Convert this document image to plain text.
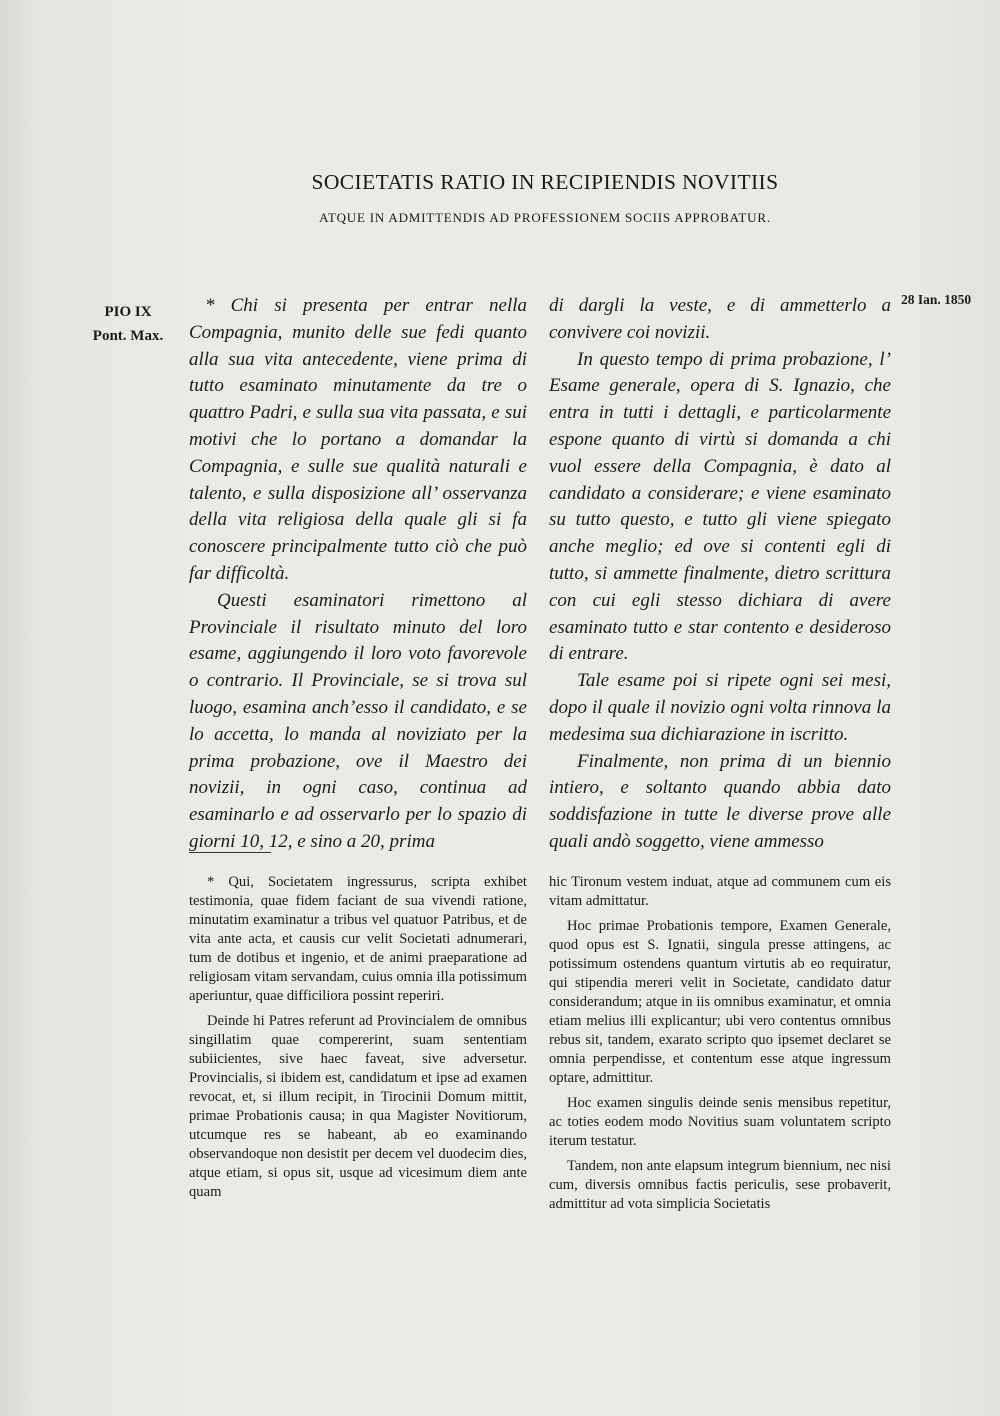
SOCIETATIS RATIO IN RECIPIENDIS NOVITIIS
ATQUE IN ADMITTENDIS AD PROFESSIONEM SOCIIS APPROBATUR.
PIO IX
Pont. Max.
28 Ian. 1850

* Chi si presenta per entrar nella Compagnia, munito delle sue fedi quanto alla sua vita antecedente, viene prima di tutto esaminato minutamente da tre o quattro Padri, e sulla sua vita passata, e sui motivi che lo portano a domandar la Compagnia, e sulle sue qualità naturali e talento, e sulla disposizione all’ osservanza della vita religiosa della quale gli si fa conoscere principalmente tutto ciò che può far difficoltà.

Questi esaminatori rimettono al Provinciale il risultato minuto del loro esame, aggiungendo il loro voto favorevole o contrario. Il Provinciale, se si trova sul luogo, esamina anch’esso il candidato, e se lo accetta, lo manda al noviziato per la prima probazione, ove il Maestro dei novizii, in ogni caso, continua ad esaminarlo e ad osservarlo per lo spazio di giorni 10, 12, e sino a 20, prima

di dargli la veste, e di ammetterlo a convivere coi novizii.

In questo tempo di prima probazione, l’ Esame generale, opera di S. Ignazio, che entra in tutti i dettagli, e particolarmente espone quanto di virtù si domanda a chi vuol essere della Compagnia, è dato al candidato a considerare; e viene esaminato su tutto questo, e tutto gli viene spiegato anche meglio; ed ove si contenti egli di tutto, si ammette finalmente, dietro scrittura con cui egli stesso dichiara di avere esaminato tutto e star contento e desideroso di entrare.

Tale esame poi si ripete ogni sei mesi, dopo il quale il novizio ogni volta rinnova la medesima sua dichiarazione in iscritto.

Finalmente, non prima di un biennio intiero, e soltanto quando abbia dato soddisfazione in tutte le diverse prove alle quali andò soggetto, viene ammesso

* Qui, Societatem ingressurus, scripta exhibet testimonia, quae fidem faciant de sua vivendi ratione, minutatim examinatur a tribus vel quatuor Patribus, et de vita ante acta, et causis cur velit Societati adnumerari, tum de dotibus et ingenio, et de animi praeparatione ad religiosam vitam servandam, cuius omnia illa potissimum aperiuntur, quae difficiliora possint reperiri.

Deinde hi Patres referunt ad Provincialem de omnibus singillatim quae compererint, suam sententiam subiicientes, sive haec faveat, sive adversetur. Provincialis, si ibidem est, candidatum et ipse ad examen revocat, et, si illum recipit, in Tirocinii Domum mittit, primae Probationis causa; in qua Magister Novitiorum, utcumque res se habeant, ab eo examinando observandoque non desistit per decem vel duodecim dies, atque etiam, si opus sit, usque ad vicesimum diem ante quam

hic Tironum vestem induat, atque ad communem cum eis vitam admittatur.

Hoc primae Probationis tempore, Examen Generale, quod opus est S. Ignatii, singula presse attingens, ac potissimum ostendens quantum virtutis ab eo requiratur, qui stipendia mereri velit in Societate, candidato datur considerandum; atque in iis omnibus examinatur, et omnia etiam melius illi explicantur; ubi vero contentus omnibus rebus sit, tandem, exarato scripto quo ipsemet declaret se omnia perpendisse, et contentum esse atque ingressum optare, admittitur.

Hoc examen singulis deinde senis mensibus repetitur, ac toties eodem modo Novitius suam voluntatem scripto iterum testatur.

Tandem, non ante elapsum integrum biennium, nec nisi cum, diversis omnibus factis periculis, sese probaverit, admittitur ad vota simplicia Societatis
